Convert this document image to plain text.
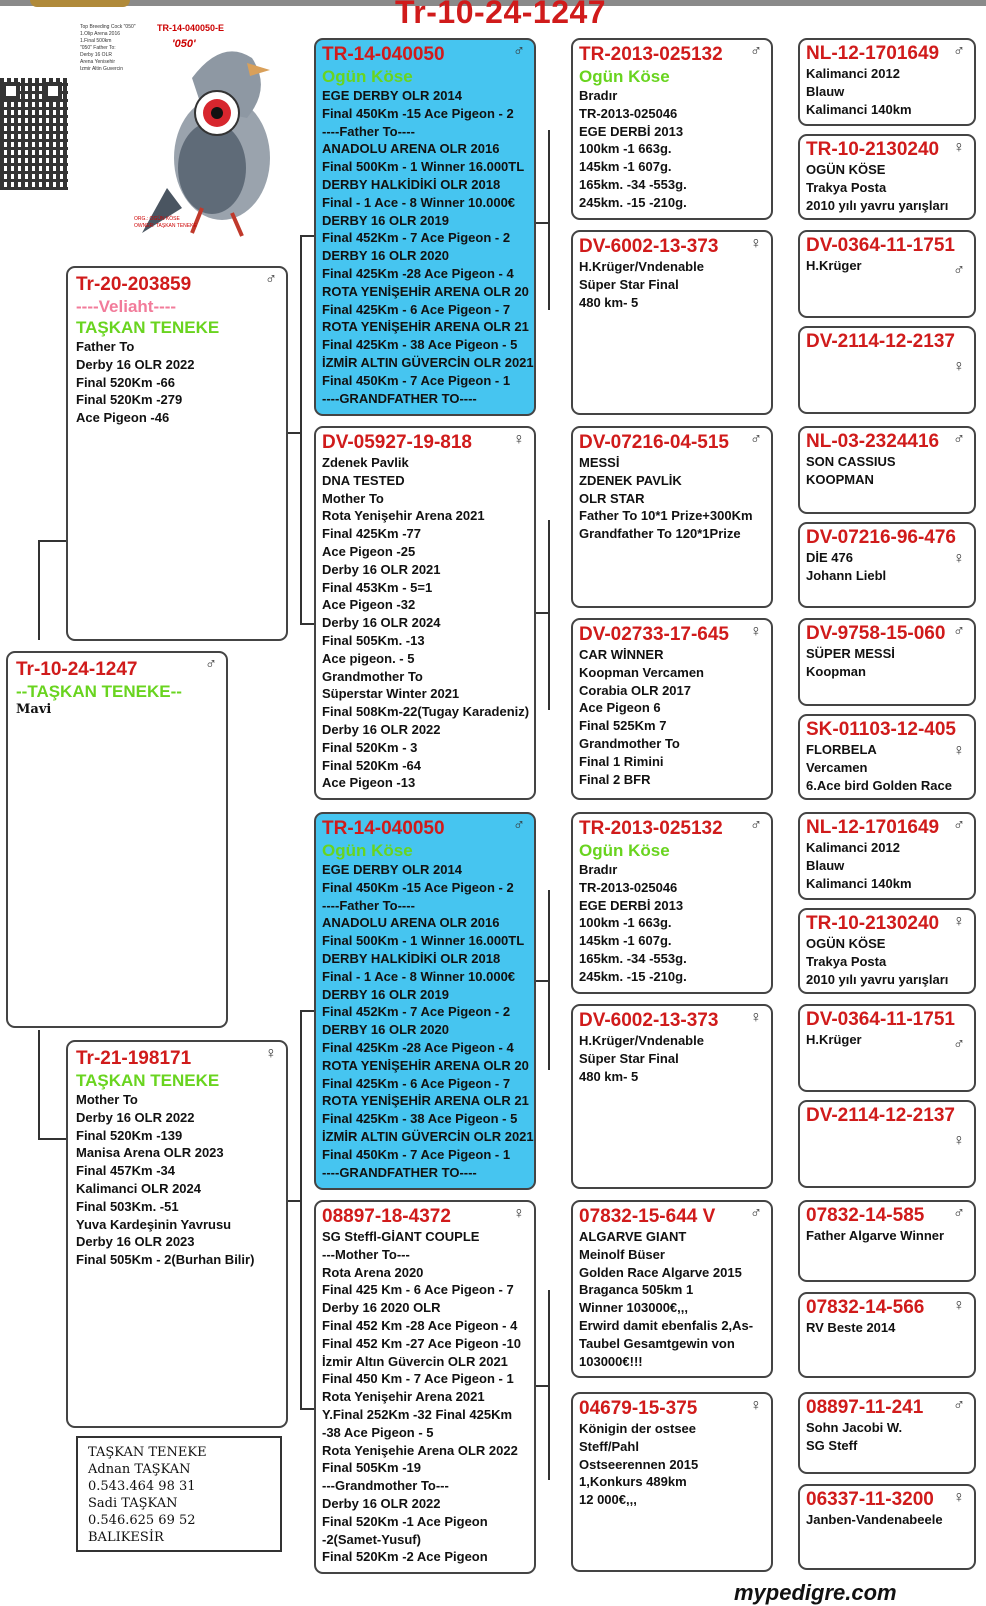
Tr-10-24-1247
Top Breeding Cock "050"
1.Olip Arena 2016
1.Final 500km
"050" Father To:
Derby 16 OLR
Arena Yenisehir
Izmir Altin Guvercin
TR-14-040050-E
'050'
ORG.: OGÜN KÖSE
OWNER: TAŞKAN TENEKE
Tr-10-24-1247	♂
--TAŞKAN TENEKE--
Mavi
Tr-20-203859	♂
----Veliaht----
TAŞKAN TENEKE
Father To
Derby 16 OLR 2022
Final 520Km -66
Final 520Km -279
Ace Pigeon -46
Tr-21-198171	♀
TAŞKAN TENEKE
Mother To
Derby 16 OLR 2022
Final 520Km -139
Manisa Arena OLR 2023
Final 457Km -34
Kalimanci OLR 2024
Final 503Km. -51
Yuva Kardeşinin Yavrusu
Derby 16 OLR 2023
Final 505Km - 2(Burhan Bilir)
TR-14-040050	♂
Ogün Köse
EGE DERBY OLR 2014
Final 450Km -15 Ace Pigeon - 2
----Father To----
ANADOLU ARENA OLR 2016
Final 500Km - 1 Winner 16.000TL
DERBY HALKİDİKİ OLR 2018
Final - 1 Ace - 8 Winner 10.000€
DERBY 16 OLR 2019
Final 452Km - 7 Ace Pigeon - 2
DERBY 16 OLR 2020
Final 425Km -28 Ace Pigeon - 4
ROTA YENİŞEHİR ARENA OLR 20
Final 425Km - 6 Ace Pigeon - 7
ROTA YENİŞEHİR ARENA OLR 21
Final 425Km - 38 Ace Pigeon - 5
İZMİR ALTIN GÜVERCİN OLR 2021
Final 450Km - 7 Ace Pigeon - 1
----GRANDFATHER TO----
DV-05927-19-818	♀
Zdenek Pavlik
DNA TESTED
Mother To
Rota Yenişehir Arena 2021
Final 425Km -77
Ace Pigeon -25
Derby 16 OLR 2021
Final 453Km - 5=1
Ace Pigeon -32
Derby 16 OLR 2024
Final 505Km. -13
Ace pigeon. - 5
Grandmother To
Süperstar Winter 2021
Final 508Km-22(Tugay Karadeniz)
Derby 16 OLR 2022
Final 520Km - 3
Final 520Km -64
Ace Pigeon -13
TR-14-040050	♂
Ogün Köse
EGE DERBY OLR 2014
Final 450Km -15 Ace Pigeon - 2
----Father To----
ANADOLU ARENA OLR 2016
Final 500Km - 1 Winner 16.000TL
DERBY HALKİDİKİ OLR 2018
Final - 1 Ace - 8 Winner 10.000€
DERBY 16 OLR 2019
Final 452Km - 7 Ace Pigeon - 2
DERBY 16 OLR 2020
Final 425Km -28 Ace Pigeon - 4
ROTA YENİŞEHİR ARENA OLR 20
Final 425Km - 6 Ace Pigeon - 7
ROTA YENİŞEHİR ARENA OLR 21
Final 425Km - 38 Ace Pigeon - 5
İZMİR ALTIN GÜVERCİN OLR 2021
Final 450Km - 7 Ace Pigeon - 1
----GRANDFATHER TO----
08897-18-4372	♀
SG Steffl-GİANT COUPLE
---Mother To---
Rota Arena 2020
Final 425 Km - 6 Ace Pigeon - 7
Derby 16 2020 OLR
Final 452 Km -28 Ace Pigeon - 4
Final 452 Km -27 Ace Pigeon -10
İzmir Altın Güvercin OLR 2021
Final 450 Km - 7 Ace Pigeon - 1
Rota Yenişehir Arena 2021
Y.Final 252Km -32 Final 425Km
-38 Ace Pigeon - 5
Rota Yenişehie Arena OLR 2022
Final 505Km -19
---Grandmother To---
Derby 16 OLR 2022
Final 520Km -1 Ace Pigeon
-2(Samet-Yusuf)
Final 520Km -2 Ace Pigeon
TR-2013-025132	♂
Ogün Köse
Bradır
TR-2013-025046
EGE DERBİ 2013
100km -1 663g.
145km -1 607g.
165km. -34 -553g.
245km. -15 -210g.
DV-6002-13-373	♀
H.Krüger/Vndenable
Süper Star Final
480 km- 5
DV-07216-04-515	♂
MESSİ
ZDENEK PAVLİK
OLR STAR
Father To 10*1 Prize+300Km
Grandfather To 120*1Prize
DV-02733-17-645	♀
CAR WİNNER
Koopman Vercamen
Corabia OLR 2017
Ace Pigeon 6
Final 525Km 7
Grandmother To
Final 1 Rimini
Final 2 BFR
TR-2013-025132	♂
Ogün Köse
Bradır
TR-2013-025046
EGE DERBİ 2013
100km -1 663g.
145km -1 607g.
165km. -34 -553g.
245km. -15 -210g.
DV-6002-13-373	♀
H.Krüger/Vndenable
Süper Star Final
480 km- 5
07832-15-644 V	♂
ALGARVE GIANT
Meinolf Büser
Golden Race Algarve 2015
Braganca 505km 1
Winner 103000€,,,
Erwird damit ebenfalis 2,As-
Taubel Gesamtgewin von
103000€!!!
04679-15-375	♀
Königin der ostsee
Steff/Pahl
Ostseerennen 2015
1,Konkurs 489km
12 000€,,,
NL-12-1701649 ♂
Kalimanci 2012
Blauw
Kalimanci 140km
TR-10-2130240 ♀
OGÜN KÖSE
Trakya Posta
2010 yılı yavru yarışları
DV-0364-11-1751
♂
H.Krüger
DV-2114-12-2137
♀
NL-03-2324416 ♂
SON CASSIUS
KOOPMAN
DV-07216-96-476
♀
DİE 476
Johann Liebl
DV-9758-15-060 ♂
SÜPER MESSİ
Koopman
SK-01103-12-405
♀
FLORBELA
Vercamen
6.Ace bird Golden Race
NL-12-1701649 ♂
Kalimanci 2012
Blauw
Kalimanci 140km
TR-10-2130240 ♀
OGÜN KÖSE
Trakya Posta
2010 yılı yavru yarışları
DV-0364-11-1751
♂
H.Krüger
DV-2114-12-2137
♀
07832-14-585	♂
Father Algarve Winner
07832-14-566	♀
RV Beste 2014
08897-11-241	♂
Sohn Jacobi W.
SG Steff
06337-11-3200	♀
Janben-Vandenabeele
TAŞKAN TENEKE
Adnan TAŞKAN
0.543.464 98 31
Sadi TAŞKAN
0.546.625 69 52
BALIKESİR
mypedigre.com
